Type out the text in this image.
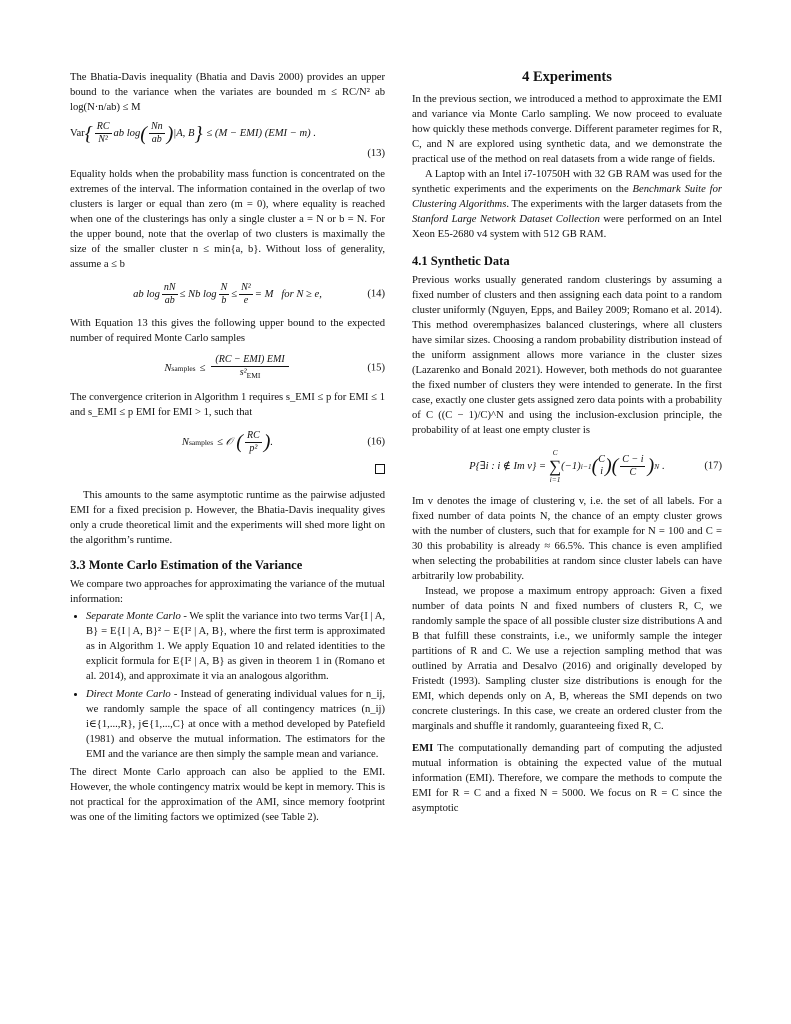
The Bhatia-Davis inequality (Bhatia and Davis 2000) provides an upper bound to the variance when the variates are bounded m ≤ RC/N² ab log(N·n/ab) ≤ M

Var { $\frac{RC}{\text{N²}}$ ab log ( $\frac{Nn}{ab}$ ) |A, B } ≤ (M − EMI) (EMI − m) .
(13)

Equality holds when the probability mass function is concentrated on the extremes of the interval. The information contained in the overlap of two clusters is larger or equal than zero (m = 0), where equality is reached when one of the clusterings has only a single cluster a = N or b = N. For the upper bound, note that the overlap of two clusters is maximally the size of the smaller cluster n ≤ min{a, b}. Without loss of generality, assume a ≤ b

ab $\log \frac{nN}{ab} \le Nb$ $\log \frac{N}{b} \le \frac{\text{N²}}{e} = M$   for N ≥ e,	(14)

With Equation 13 this gives the following upper bound to the expected number of required Monte Carlo samples

N samples ≤ $\frac{\text{(RC − EMI) EMI}}{s^2_{EMI}}$	(15)

The convergence criterion in Algorithm 1 requires s_EMI ≤ p for EMI ≤ 1 and s_EMI ≤ p EMI for EMI > 1, such that

N samples ≤ 𝒪 ( $\frac{RC}{\text{p²}}$ ) .	(16)

This amounts to the same asymptotic runtime as the pairwise adjusted EMI for a fixed precision p. However, the Bhatia-Davis inequality gives only a crude theoretical limit and the experiments will shed more light on the algorithm’s runtime.

3.3 Monte Carlo Estimation of the Variance

We compare two approaches for approximating the variance of the mutual information:

• Separate Monte Carlo - We split the variance into two terms Var{I | A, B} = E{I | A, B}² − E{I² | A, B}, where the first term is approximated as in Algorithm 1. We apply Equation 10 and related identities to the explicit formula for E{I² | A, B} as given in theorem 1 in (Romano et al. 2014), and approximate it via an analogous algorithm.
• Direct Monte Carlo - Instead of generating individual values for n_ij, we randomly sample the space of all contingency matrices (n_ij) i∈{1,...,R}, j∈{1,...,C} at once with a method developed by Patefield (1981) and observe the mutual information. The estimators for the EMI and the variance are then simply the sample mean and variance.

The direct Monte Carlo approach can also be applied to the EMI. However, the whole contingency matrix would be kept in memory. This is not practical for the approximation of the AMI, since memory footprint was one of the limiting factors we optimized (see Table 2).

4 Experiments

In the previous section, we introduced a method to approximate the EMI and variance via Monte Carlo sampling. We now proceed to evaluate how quickly these methods converge. Different parameter regimes for R, C, and N are explored using synthetic data, and we demonstrate the practical use of the method on real datasets from a wide range of fields.

A Laptop with an Intel i7-10750H with 32 GB RAM was used for the synthetic experiments and the experiments on the Benchmark Suite for Clustering Algorithms. The experiments with the larger datasets from the Stanford Large Network Dataset Collection were performed on an Intel Xeon E5-2680 v4 system with 512 GB RAM.

4.1 Synthetic Data

Previous works usually generated random clusterings by assuming a fixed number of clusters and then assigning each data point to a random cluster uniformly (Nguyen, Epps, and Bailey 2009; Romano et al. 2014). This method overemphasizes balanced clusterings, where all clusters have similar sizes. Choosing a random probability distribution instead of the uniform assignment allows more variance in the cluster sizes (Lazarenko and Bonald 2021). However, both methods do not guarantee the fixed number of clusters they were intended to generate. In the first case, exactly one cluster gets assigned zero data points with a probability of C ((C − 1)/C)^N and using the inclusion-exclusion principle, the probability of at least one empty cluster is

P{∃i : i ∉ Im v} =
C
∑
i=1
(−1) i−1 ( C
i ) ( $\frac{C - i}{C}$ ) N .	(17)

Im v denotes the image of clustering v, i.e. the set of all labels. For a fixed number of data points N, the chance of an empty cluster grows with the number of clusters, such that for example for N = 100 and C = 30 this probability is already ≈ 66.5%. This chance is even amplified when selecting the probabilities at random since cluster labels can have arbitrarily low probability.

Instead, we propose a maximum entropy approach: Given a fixed number of data points N and fixed numbers of clusters R, C, we randomly sample the space of all possible cluster size distributions A and B that fulfill these constraints, i.e., we uniformly sample the integer partitions of R and C. We use a rejection sampling method that was outlined by Arratia and Desalvo (2016) and originally developed by Fristedt (1993). Sampling cluster size distributions is enough for the EMI, which depends only on A, B, whereas the SMI depends on two concrete clusterings. In this case, we create an ordered cluster from the marginals and shuffle it randomly, guaranteeing fixed R, C.

EMI The computationally demanding part of computing the adjusted mutual information is obtaining the expected value of the mutual information (EMI). Therefore, we compare the methods to compute the EMI for R = C and a fixed N = 5000. We focus on R = C since the asymptotic
